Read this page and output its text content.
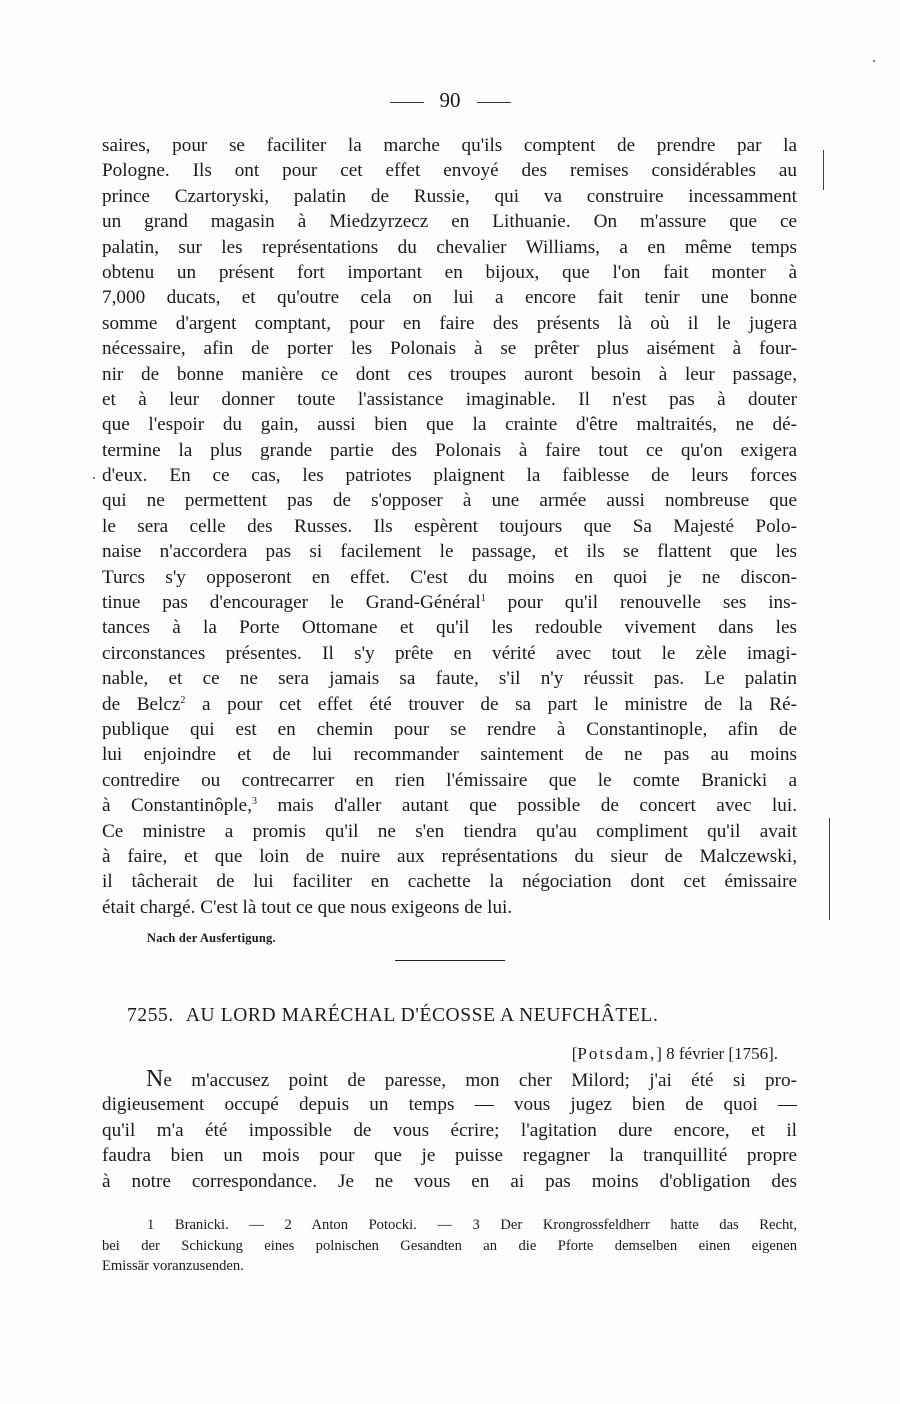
90
saires, pour se faciliter la marche qu'ils comptent de prendre par la
Pologne. Ils ont pour cet effet envoyé des remises considérables au
prince Czartoryski, palatin de Russie, qui va construire incessamment
un grand magasin à Miedzyrzecz en Lithuanie. On m'assure que ce
palatin, sur les représentations du chevalier Williams, a en même temps
obtenu un présent fort important en bijoux, que l'on fait monter à
7,000 ducats, et qu'outre cela on lui a encore fait tenir une bonne
somme d'argent comptant, pour en faire des présents là où il le jugera
nécessaire, afin de porter les Polonais à se prêter plus aisément à four-
nir de bonne manière ce dont ces troupes auront besoin à leur passage,
et à leur donner toute l'assistance imaginable. Il n'est pas à douter
que l'espoir du gain, aussi bien que la crainte d'être maltraités, ne dé-
termine la plus grande partie des Polonais à faire tout ce qu'on exigera
d'eux. En ce cas, les patriotes plaignent la faiblesse de leurs forces
qui ne permettent pas de s'opposer à une armée aussi nombreuse que
le sera celle des Russes. Ils espèrent toujours que Sa Majesté Polo-
naise n'accordera pas si facilement le passage, et ils se flattent que les
Turcs s'y opposeront en effet. C'est du moins en quoi je ne discon-
tinue pas d'encourager le Grand-Général$^1$ pour qu'il renouvelle ses ins-
tances à la Porte Ottomane et qu'il les redouble vivement dans les
circonstances présentes. Il s'y prête en vérité avec tout le zèle imagi-
nable, et ce ne sera jamais sa faute, s'il n'y réussit pas. Le palatin
de Belcz$^2$ a pour cet effet été trouver de sa part le ministre de la Ré-
publique qui est en chemin pour se rendre à Constantinople, afin de
lui enjoindre et de lui recommander saintement de ne pas au moins
contredire ou contrecarrer en rien l'émissaire que le comte Branicki a
à Constantinôple,$^3$ mais d'aller autant que possible de concert avec lui.
Ce ministre a promis qu'il ne s'en tiendra qu'au compliment qu'il avait
à faire, et que loin de nuire aux représentations du sieur de Malczewski,
il tâcherait de lui faciliter en cachette la négociation dont cet émissaire
était chargé. C'est là tout ce que nous exigeons de lui.
Nach der Ausfertigung.
7255. AU LORD MARÉCHAL D'ÉCOSSE A NEUFCHÂTEL.
[Potsdam,] 8 février [1756].
Ne m'accusez point de paresse, mon cher Milord; j'ai été si pro-
digieusement occupé depuis un temps — vous jugez bien de quoi —
qu'il m'a été impossible de vous écrire; l'agitation dure encore, et il
faudra bien un mois pour que je puisse regagner la tranquillité propre
à notre correspondance. Je ne vous en ai pas moins d'obligation des
1 Branicki. — 2 Anton Potocki. — 3 Der Krongrossfeldherr hatte das Recht,
bei der Schickung eines polnischen Gesandten an die Pforte demselben einen eigenen
Emissär voranzusenden.
